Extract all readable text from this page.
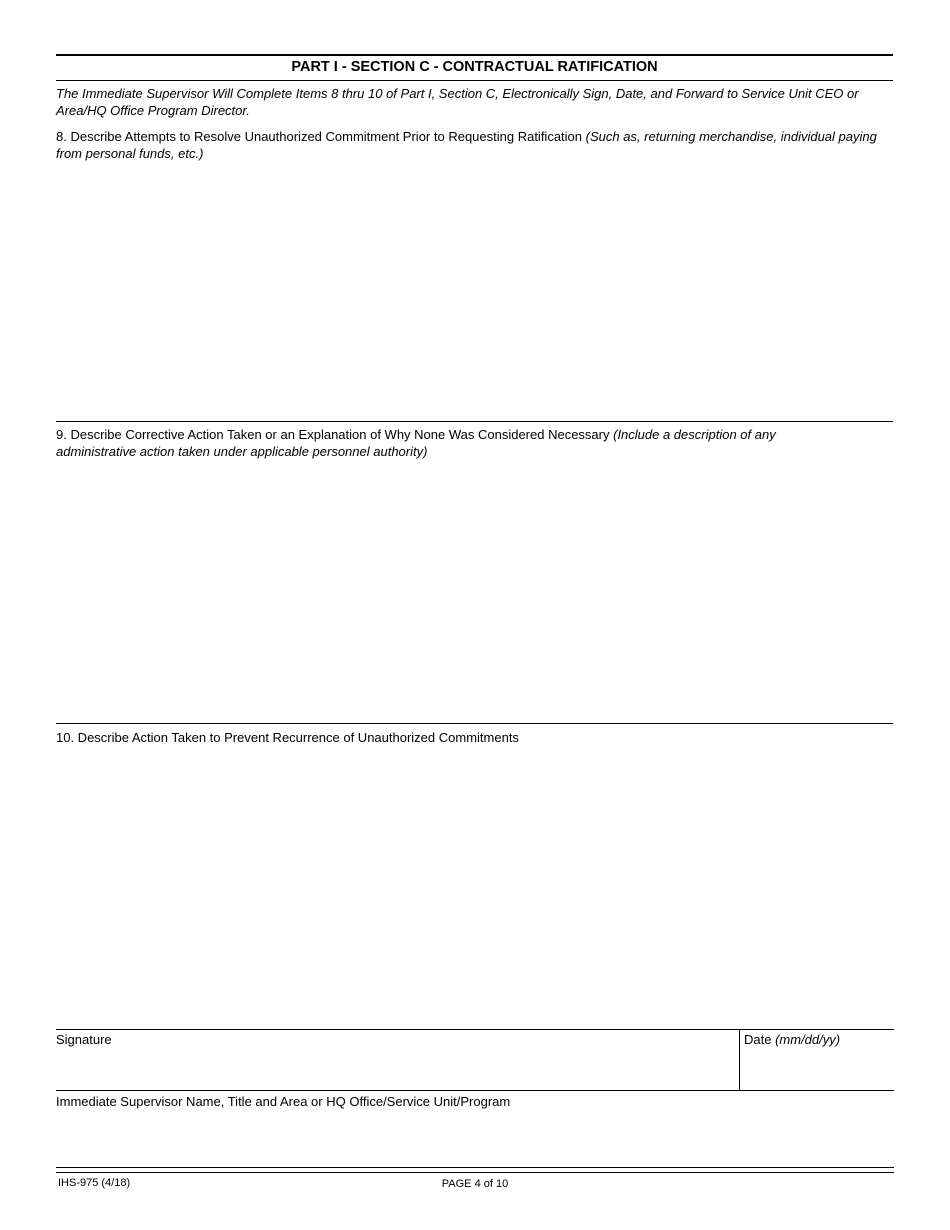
PART I - SECTION C - CONTRACTUAL RATIFICATION
The Immediate Supervisor Will Complete Items 8 thru 10 of Part I, Section C, Electronically Sign, Date, and Forward to Service Unit CEO or Area/HQ Office Program Director.
8. Describe Attempts to Resolve Unauthorized Commitment Prior to Requesting Ratification (Such as, returning merchandise, individual paying from personal funds, etc.)
9. Describe Corrective Action Taken or an Explanation of Why None Was Considered Necessary (Include a description of any administrative action taken under applicable personnel authority)
10. Describe Action Taken to Prevent Recurrence of Unauthorized Commitments
Signature	Date (mm/dd/yy)
Immediate Supervisor Name, Title and Area or HQ Office/Service Unit/Program
IHS-975 (4/18)	PAGE 4 of 10
